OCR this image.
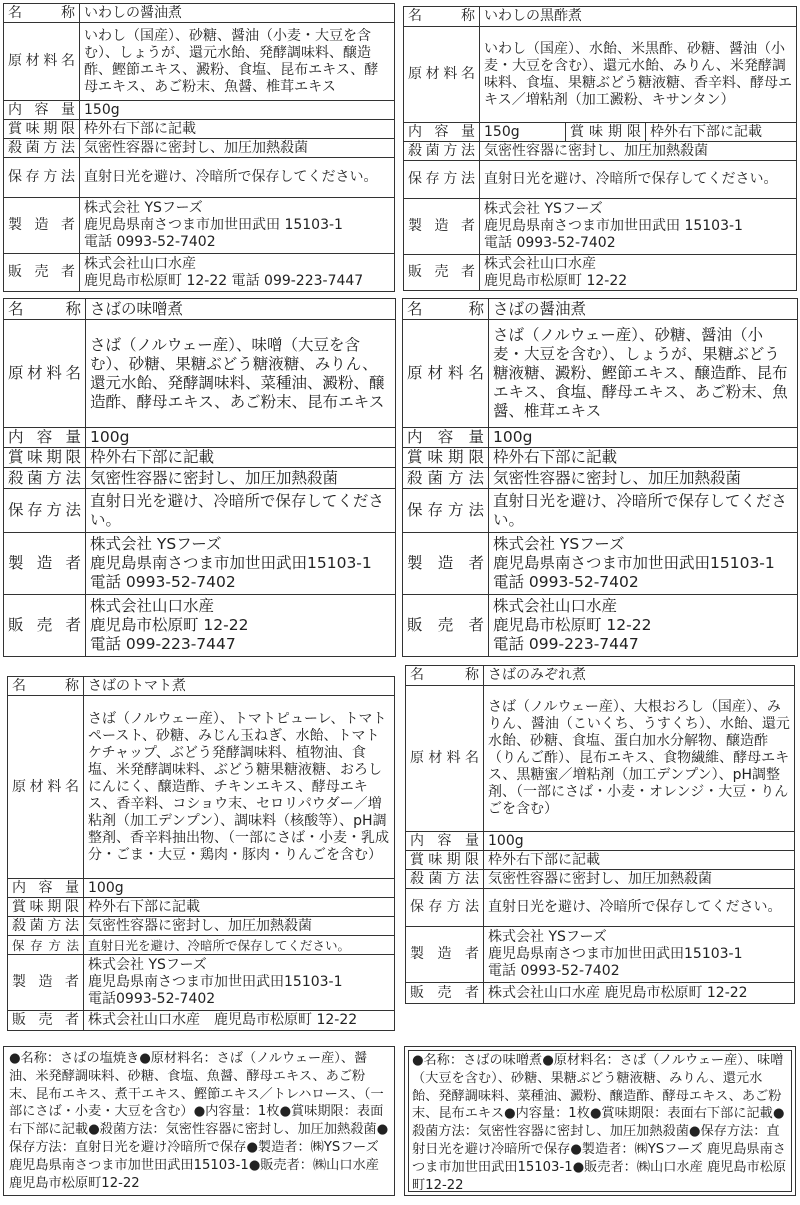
名　　称	いわしの醤油煮
原材料名	いわし（国産）、砂糖、醤油（小麦・大豆を含む）、しょうが、還元水飴、発酵調味料、醸造酢、鰹節エキス、澱粉、食塩、昆布エキス、酵母エキス、あご粉末、魚醤、椎茸エキス
内 容 量	150g
賞味期限	枠外右下部に記載
殺菌方法	気密性容器に密封し、加圧加熱殺菌
保存方法	直射日光を避け、冷暗所で保存してください。
製 造 者	株式会社 YSフーズ
鹿児島県南さつま市加世田武田 15103-1
電話 0993-52-7402
販 売 者	株式会社山口水産
鹿児島市松原町 12-22 電話 099-223-7447
名　　称	いわしの黒酢煮		
原材料名	いわし（国産）、水飴、米黒酢、砂糖、醤油（小麦・大豆を含む）、還元水飴、みりん、米発酵調味料、食塩、果糖ぶどう糖液糖、香辛料、酵母エキス／増粘剤（加工澱粉、キサンタン）		
内 容 量	150g	賞味期限	枠外右下部に記載
殺菌方法	気密性容器に密封し、加圧加熱殺菌		
保存方法	直射日光を避け、冷暗所で保存してください。		
製 造 者	株式会社 YSフーズ
鹿児島県南さつま市加世田武田 15103-1
電話 0993-52-7402		
販 売 者	株式会社山口水産
鹿児島市松原町 12-22		
名　　称	さばの味噌煮
原材料名	さば（ノルウェー産）、味噌（大豆を含む）、砂糖、果糖ぶどう糖液糖、みりん、還元水飴、発酵調味料、菜種油、澱粉、醸造酢、酵母エキス、あご粉末、昆布エキス
内 容 量	100g
賞味期限	枠外右下部に記載
殺菌方法	気密性容器に密封し、加圧加熱殺菌
保存方法	直射日光を避け、冷暗所で保存してください。
製 造 者	株式会社 YSフーズ
鹿児島県南さつま市加世田武田15103-1
電話 0993-52-7402
販 売 者	株式会社山口水産
鹿児島市松原町 12-22
電話 099-223-7447
名　　称	さばの醤油煮
原材料名	さば（ノルウェー産）、砂糖、醤油（小麦・大豆を含む）、しょうが、果糖ぶどう糖液糖、澱粉、鰹節エキス、醸造酢、昆布エキス、食塩、酵母エキス、あご粉末、魚醤、椎茸エキス
内 容 量	100g
賞味期限	枠外右下部に記載
殺菌方法	気密性容器に密封し、加圧加熱殺菌
保存方法	直射日光を避け、冷暗所で保存してください。
製 造 者	株式会社 YSフーズ
鹿児島県南さつま市加世田武田15103-1
電話 0993-52-7402
販 売 者	株式会社山口水産
鹿児島市松原町 12-22
電話 099-223-7447
名　　称	さばのトマト煮
原材料名	さば（ノルウェー産）、トマトピューレ、トマトペースト、砂糖、みじん玉ねぎ、水飴、トマトケチャップ、ぶどう発酵調味料、植物油、食塩、米発酵調味料、ぶどう糖果糖液糖、おろしにんにく、醸造酢、チキンエキス、酵母エキス、香辛料、コショウ末、セロリパウダー／増粘剤（加工デンプン）、調味料（核酸等）、pH調整剤、香辛料抽出物、（一部にさば・小麦・乳成分・ごま・大豆・鶏肉・豚肉・りんごを含む）
内 容 量	100g
賞味期限	枠外右下部に記載
殺菌方法	気密性容器に密封し、加圧加熱殺菌
保存方法	直射日光を避け、冷暗所で保存してください。
製 造 者	株式会社 YSフーズ
鹿児島県南さつま市加世田武田15103-1
電話0993-52-7402
販 売 者	株式会社山口水産　鹿児島市松原町 12-22
名　　称	さばのみぞれ煮
原材料名	さば（ノルウェー産）、大根おろし（国産）、みりん、醤油（こいくち、うすくち）、水飴、還元水飴、砂糖、食塩、蛋白加水分解物、醸造酢（りんご酢）、昆布エキス、食物繊維、酵母エキス、黒糖蜜／増粘剤（加工デンプン）、pH調整剤、（一部にさば・小麦・オレンジ・大豆・りんごを含む）
内 容 量	100g
賞味期限	枠外右下部に記載
殺菌方法	気密性容器に密封し、加圧加熱殺菌
保存方法	直射日光を避け、冷暗所で保存してください。
製 造 者	株式会社 YSフーズ
鹿児島県南さつま市加世田武田15103-1
電話 0993-52-7402
販 売 者	株式会社山口水産 鹿児島市松原町 12-22
●名称：さばの塩焼き●原材料名：さば（ノルウェー産）、醤油、米発酵調味料、砂糖、食塩、魚醤、酵母エキス、あご粉末、昆布エキス、煮干エキス、鰹節エキス／トレハロース、（一部にさば・小麦・大豆を含む）●内容量：1枚●賞味期限：表面右下部に記載●殺菌方法：気密性容器に密封し、加圧加熱殺菌●保存方法：直射日光を避け冷暗所で保存●製造者：㈱YSフーズ 鹿児島県南さつま市加世田武田15103-1●販売者：㈱山口水産 鹿児島市松原町12-22
●名称：さばの味噌煮●原材料名：さば（ノルウェー産）、味噌（大豆を含む）、砂糖、果糖ぶどう糖液糖、みりん、還元水飴、発酵調味料、菜種油、澱粉、醸造酢、酵母エキス、あご粉末、昆布エキス●内容量：1枚●賞味期限：表面右下部に記載●殺菌方法：気密性容器に密封し、加圧加熱殺菌●保存方法：直射日光を避け冷暗所で保存●製造者：㈱YSフーズ 鹿児島県南さつま市加世田武田15103-1●販売者：㈱山口水産 鹿児島市松原町12-22
